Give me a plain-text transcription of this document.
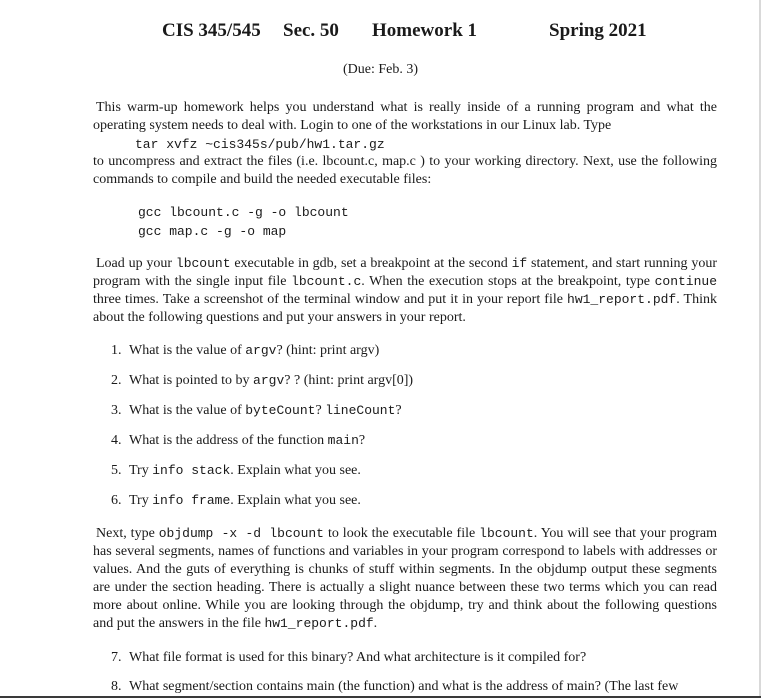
CIS 345/545 Sec. 50 Homework 1	Spring 2021
(Due: Feb. 3)
This warm-up homework helps you understand what is really inside of a running program and what the operating system needs to deal with. Login to one of the workstations in our Linux lab. Type
tar xvfz ~cis345s/pub/hw1.tar.gz
to uncompress and extract the files (i.e. lbcount.c, map.c ) to your working directory. Next, use the following commands to compile and build the needed executable files:
gcc lbcount.c -g -o lbcount
gcc map.c -g -o map
Load up your lbcount executable in gdb, set a breakpoint at the second if statement, and start running your program with the single input file lbcount.c. When the execution stops at the breakpoint, type continue three times. Take a screenshot of the terminal window and put it in your report file hw1_report.pdf. Think about the following questions and put your answers in your report.
1. What is the value of argv? (hint: print argv)
2. What is pointed to by argv? ? (hint: print argv[0])
3. What is the value of byteCount? lineCount?
4. What is the address of the function main?
5. Try info stack. Explain what you see.
6. Try info frame. Explain what you see.
Next, type objdump -x -d lbcount to look the executable file lbcount. You will see that your program has several segments, names of functions and variables in your program correspond to labels with addresses or values. And the guts of everything is chunks of stuff within segments. In the objdump output these segments are under the section heading. There is actually a slight nuance between these two terms which you can read more about online. While you are looking through the objdump, try and think about the following questions and put the answers in the file hw1_report.pdf.
7. What file format is used for this binary? And what architecture is it compiled for?
8. What segment/section contains main (the function) and what is the address of main? (The last few
